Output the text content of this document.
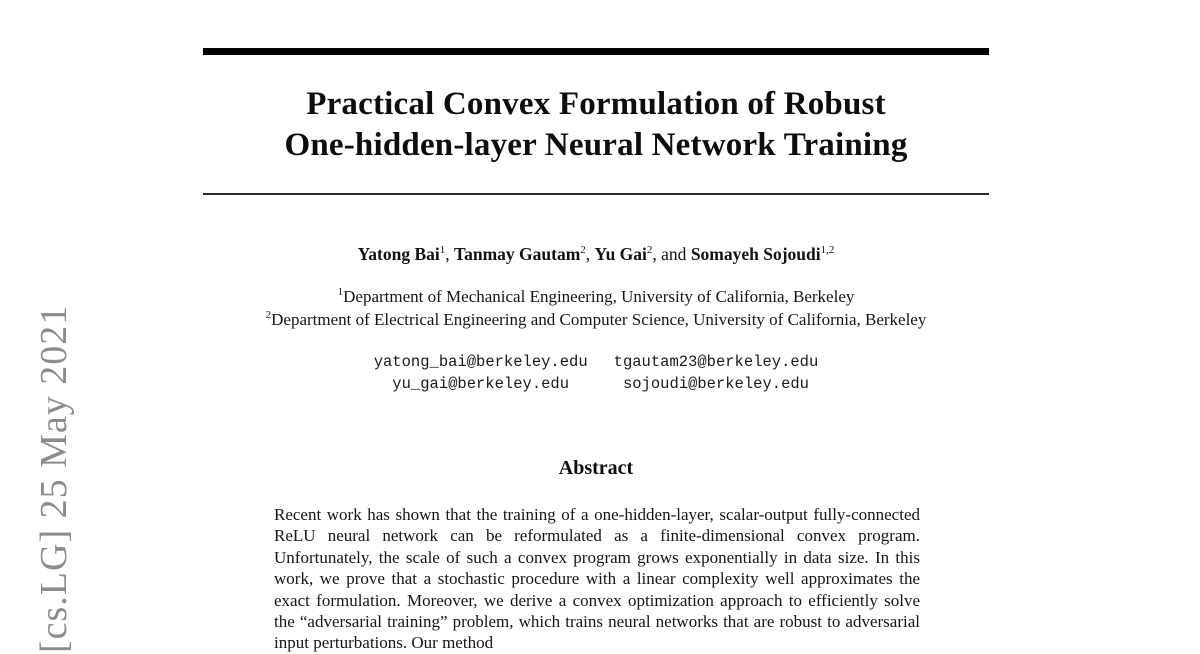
Practical Convex Formulation of Robust
One-hidden-layer Neural Network Training
Yatong Bai$^1$, Tanmay Gautam$^2$, Yu Gai$^2$, and Somayeh Sojoudi$^{1,2}$
$^1$Department of Mechanical Engineering, University of California, Berkeley
$^2$Department of Electrical Engineering and Computer Science, University of California, Berkeley
yatong_bai@berkeley.edu
yu_gai@berkeley.edu
tgautam23@berkeley.edu
sojoudi@berkeley.edu
Abstract
Recent work has shown that the training of a one-hidden-layer, scalar-output fully-connected ReLU neural network can be reformulated as a finite-dimensional convex program. Unfortunately, the scale of such a convex program grows exponentially in data size. In this work, we prove that a stochastic procedure with a linear complexity well approximates the exact formulation. Moreover, we derive a convex optimization approach to efficiently solve the “adversarial training” problem, which trains neural networks that are robust to adversarial input perturbations. Our method
[cs.LG] 25 May 2021
